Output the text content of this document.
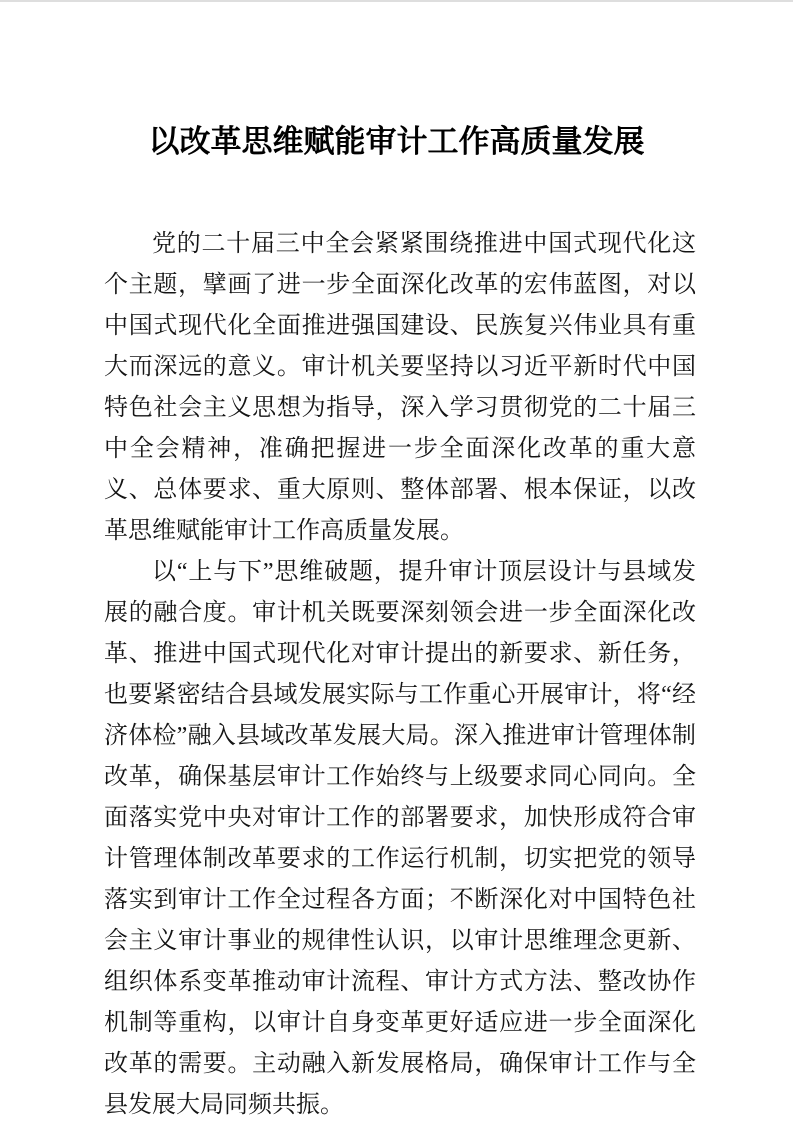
以改革思维赋能审计工作高质量发展

党的二十届三中全会紧紧围绕推进中国式现代化这个主题，擘画了进一步全面深化改革的宏伟蓝图，对以中国式现代化全面推进强国建设、民族复兴伟业具有重大而深远的意义。审计机关要坚持以习近平新时代中国特色社会主义思想为指导，深入学习贯彻党的二十届三中全会精神，准确把握进一步全面深化改革的重大意义、总体要求、重大原则、整体部署、根本保证，以改革思维赋能审计工作高质量发展。

以“上与下”思维破题，提升审计顶层设计与县域发展的融合度。审计机关既要深刻领会进一步全面深化改革、推进中国式现代化对审计提出的新要求、新任务，也要紧密结合县域发展实际与工作重心开展审计，将“经济体检”融入县域改革发展大局。深入推进审计管理体制改革，确保基层审计工作始终与上级要求同心同向。全面落实党中央对审计工作的部署要求，加快形成符合审计管理体制改革要求的工作运行机制，切实把党的领导落实到审计工作全过程各方面；不断深化对中国特色社会主义审计事业的规律性认识，以审计思维理念更新、组织体系变革推动审计流程、审计方式方法、整改协作机制等重构，以审计自身变革更好适应进一步全面深化改革的需要。主动融入新发展格局，确保审计工作与全县发展大局同频共振。
